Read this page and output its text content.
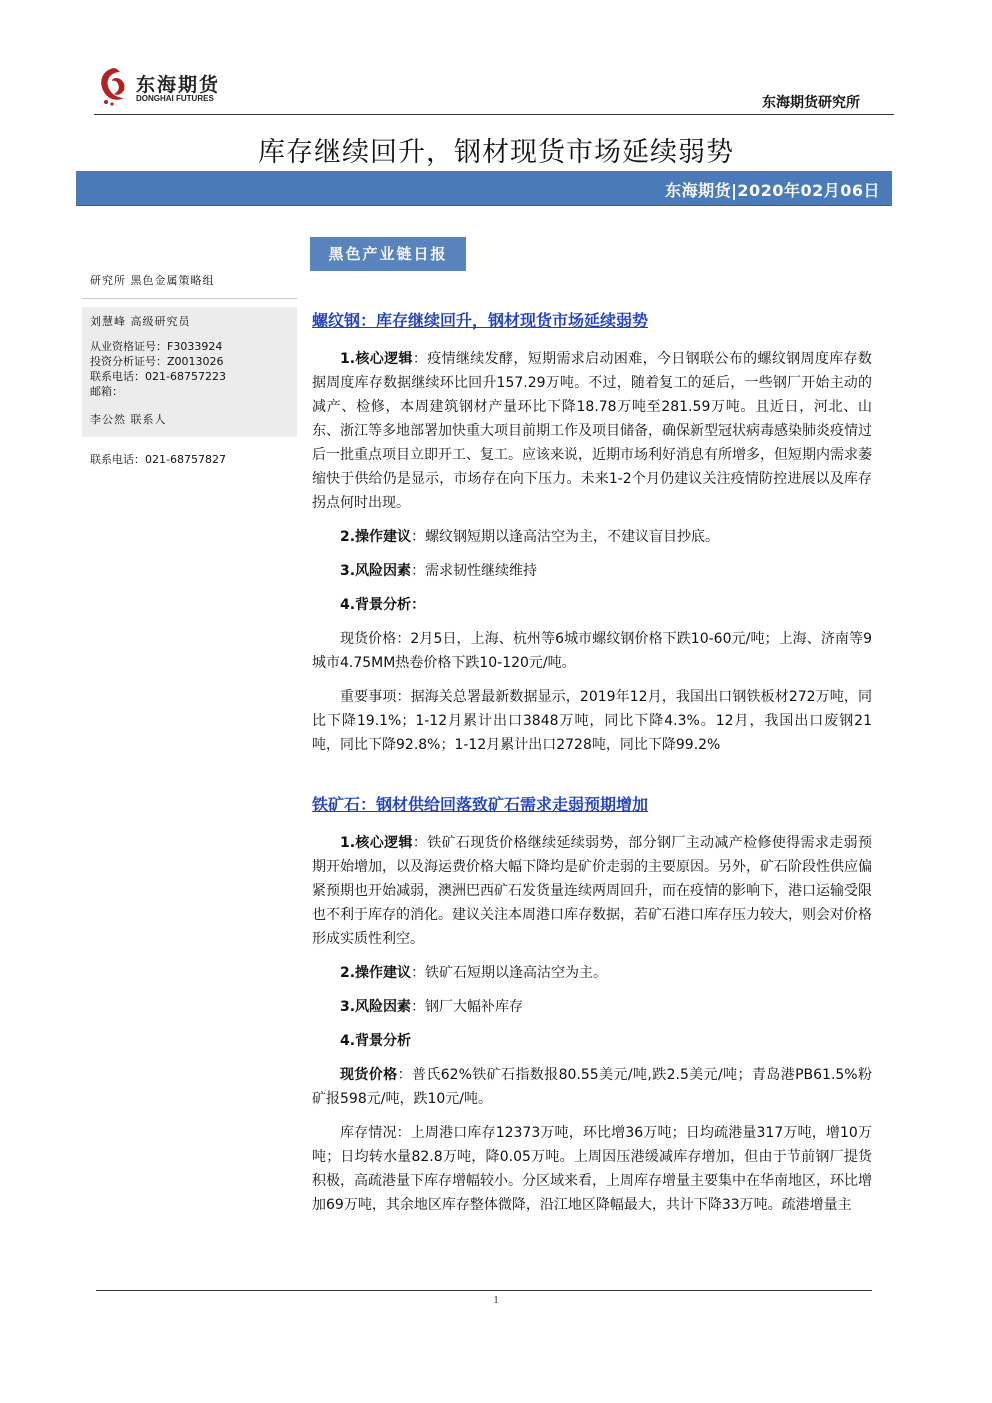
东海期货
DONGHAI FUTURES	东海期货研究所
库存继续回升，钢材现货市场延续弱势
东海期货|2020年02月06日
黑色产业链日报
研究所 黑色金属策略组
刘慧峰 高级研究员
从业资格证号：F3033924
投资分析证号：Z0013026
联系电话：021-68757223
邮箱：
李公然 联系人
联系电话：021-68757827
螺纹钢：库存继续回升，钢材现货市场延续弱势

1.核心逻辑：疫情继续发酵，短期需求启动困难，今日钢联公布的螺纹钢周度库存数据周度库存数据继续环比回升157.29万吨。不过，随着复工的延后，一些钢厂开始主动的减产、检修，本周建筑钢材产量环比下降18.78万吨至281.59万吨。且近日，河北、山东、浙江等多地部署加快重大项目前期工作及项目储备，确保新型冠状病毒感染肺炎疫情过后一批重点项目立即开工、复工。应该来说，近期市场利好消息有所增多，但短期内需求萎缩快于供给仍是显示，市场存在向下压力。未来1-2个月仍建议关注疫情防控进展以及库存拐点何时出现。

2.操作建议：螺纹钢短期以逢高沽空为主，不建议盲目抄底。

3.风险因素：需求韧性继续维持

4.背景分析：

现货价格：2月5日，上海、杭州等6城市螺纹钢价格下跌10-60元/吨；上海、济南等9城市4.75MM热卷价格下跌10-120元/吨。

重要事项：据海关总署最新数据显示，2019年12月，我国出口钢铁板材272万吨，同比下降19.1%；1-12月累计出口3848万吨，同比下降4.3%。12月，我国出口废钢21吨，同比下降92.8%；1-12月累计出口2728吨，同比下降99.2%

铁矿石：钢材供给回落致矿石需求走弱预期增加

1.核心逻辑：铁矿石现货价格继续延续弱势，部分钢厂主动减产检修使得需求走弱预期开始增加，以及海运费价格大幅下降均是矿价走弱的主要原因。另外，矿石阶段性供应偏紧预期也开始减弱，澳洲巴西矿石发货量连续两周回升，而在疫情的影响下，港口运输受限也不利于库存的消化。建议关注本周港口库存数据，若矿石港口库存压力较大，则会对价格形成实质性利空。

2.操作建议：铁矿石短期以逢高沽空为主。

3.风险因素：钢厂大幅补库存

4.背景分析

现货价格：普氏62%铁矿石指数报80.55美元/吨,跌2.5美元/吨；青岛港PB61.5%粉矿报598元/吨，跌10元/吨。

库存情况：上周港口库存12373万吨，环比增36万吨；日均疏港量317万吨，增10万吨；日均转水量82.8万吨，降0.05万吨。上周因压港缓减库存增加，但由于节前钢厂提货积极，高疏港量下库存增幅较小。分区域来看，上周库存增量主要集中在华南地区，环比增加69万吨，其余地区库存整体微降，沿江地区降幅最大，共计下降33万吨。疏港增量主

1
